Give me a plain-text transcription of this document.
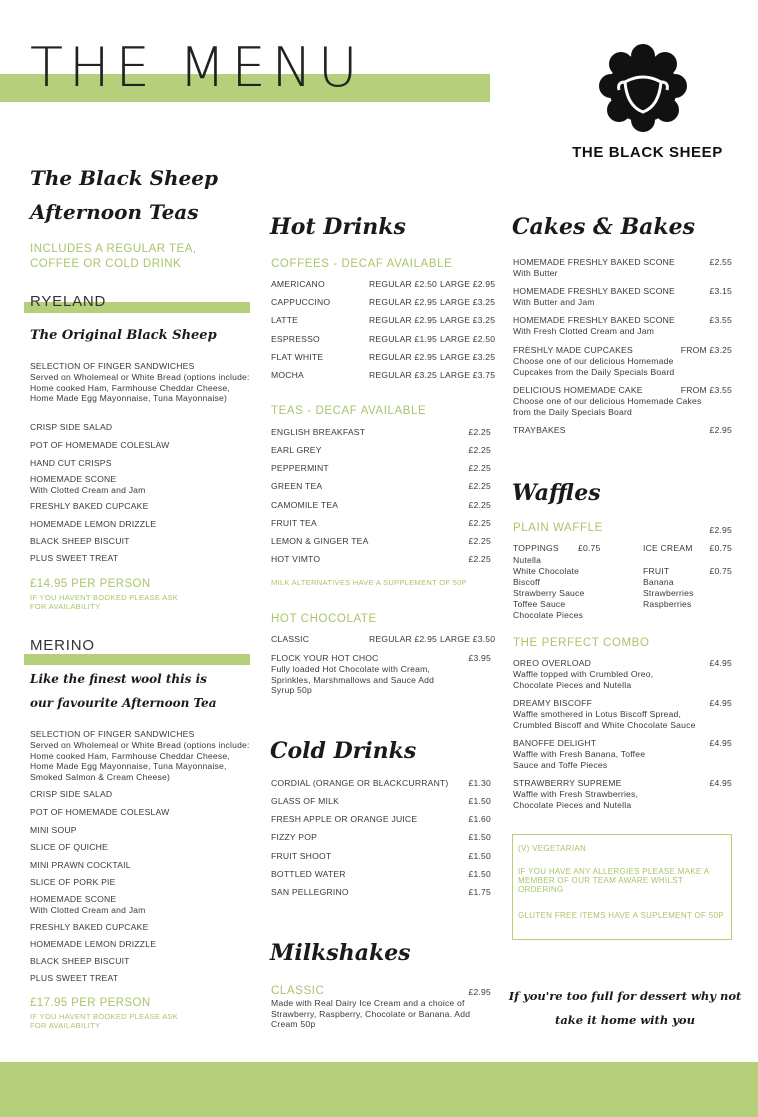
THE MENU
THE BLACK SHEEP
The Black Sheep
Afternoon Teas
INCLUDES A REGULAR TEA, COFFEE OR COLD DRINK
RYELAND
The Original Black Sheep
SELECTION OF FINGER SANDWICHES
Served on Wholemeal or White Bread (options include: Home cooked Ham, Farmhouse Cheddar Cheese, Home Made Egg Mayonnaise, Tuna Mayonnaise)
CRISP SIDE SALAD
POT OF HOMEMADE COLESLAW
HAND CUT CRISPS
HOMEMADE SCONE
With Clotted Cream and Jam
FRESHLY BAKED CUPCAKE
HOMEMADE LEMON DRIZZLE
BLACK SHEEP BISCUIT
PLUS SWEET TREAT
£14.95 PER PERSON
IF YOU HAVENT BOOKED PLEASE ASK FOR AVAILABILITY
MERINO
Like the finest wool this is
our favourite Afternoon Tea
SELECTION OF FINGER SANDWICHES
Served on Wholemeal or White Bread (options include: Home cooked Ham, Farmhouse Cheddar Cheese, Home Made Egg Mayonnaise, Tuna Mayonnaise, Smoked Salmon & Cream Cheese)
CRISP SIDE SALAD
POT OF HOMEMADE COLESLAW
MINI SOUP
SLICE OF QUICHE
MINI PRAWN COCKTAIL
SLICE OF PORK PIE
HOMEMADE SCONE
With Clotted Cream and Jam
FRESHLY BAKED CUPCAKE
HOMEMADE LEMON DRIZZLE
BLACK SHEEP BISCUIT
PLUS SWEET TREAT
£17.95 PER PERSON
IF YOU HAVENT BOOKED PLEASE ASK FOR AVAILABILITY
Hot Drinks
COFFEES - DECAF AVAILABLE
AMERICANO	REGULAR £2.50 LARGE £2.95
CAPPUCCINO	REGULAR £2.95 LARGE £3.25
LATTE	REGULAR £2.95 LARGE £3.25
ESPRESSO	REGULAR £1.95 LARGE £2.50
FLAT WHITE	REGULAR £2.95 LARGE £3.25
MOCHA	REGULAR £3.25 LARGE £3.75
TEAS - DECAF AVAILABLE
ENGLISH BREAKFAST	£2.25
EARL GREY	£2.25
PEPPERMINT	£2.25
GREEN TEA	£2.25
CAMOMILE TEA	£2.25
FRUIT TEA	£2.25
LEMON & GINGER TEA	£2.25
HOT VIMTO	£2.25
MILK ALTERNATIVES HAVE A SUPPLEMENT OF 50P
HOT CHOCOLATE
CLASSIC	REGULAR £2.95 LARGE £3.50
FLOCK YOUR HOT CHOC	£3.95
Fully loaded Hot Chocolate with Cream, Sprinkles, Marshmallows and Sauce Add Syrup 50p
Cold Drinks
CORDIAL (ORANGE OR BLACKCURRANT)	£1.30
GLASS OF MILK	£1.50
FRESH APPLE OR ORANGE JUICE	£1.60
FIZZY POP	£1.50
FRUIT SHOOT	£1.50
BOTTLED WATER	£1.50
SAN PELLEGRINO	£1.75
Milkshakes
CLASSIC	£2.95
Made with Real Dairy Ice Cream and a choice of Strawberry, Raspberry, Chocolate or Banana. Add Cream 50p
Cakes & Bakes
HOMEMADE FRESHLY BAKED SCONE	£2.55
With Butter
HOMEMADE FRESHLY BAKED SCONE	£3.15
With Butter and Jam
HOMEMADE FRESHLY BAKED SCONE	£3.55
With Fresh Clotted Cream and Jam
FRESHLY MADE CUPCAKES	FROM £3.25
Choose one of our delicious Homemade Cupcakes from the Daily Specials Board
DELICIOUS HOMEMADE CAKE	FROM £3.55
Choose one of our delicious Homemade Cakes from the Daily Specials Board
TRAYBAKES	£2.95
Waffles
PLAIN WAFFLE	£2.95
TOPPINGS £0.75	ICE CREAM	£0.75
Nutella
White Chocolate
Biscoff
Strawberry Sauce
Toffee Sauce
Chocolate Pieces
FRUIT	£0.75
Banana
Strawberries
Raspberries
THE PERFECT COMBO
OREO OVERLOAD	£4.95
Waffle topped with Crumbled Oreo, Chocolate Pieces and Nutella
DREAMY BISCOFF	£4.95
Waffle smothered in Lotus Biscoff Spread, Crumbled Biscoff and White Chocolate Sauce
BANOFFE DELIGHT	£4.95
Waffle with Fresh Banana, Toffee Sauce and Toffe Pieces
STRAWBERRY SUPREME	£4.95
Waffle with Fresh Strawberries, Chocolate Pieces and Nutella
(V) VEGETARIAN
IF YOU HAVE ANY ALLERGIES PLEASE MAKE A MEMBER OF OUR TEAM AWARE WHILST ORDERING
GLUTEN FREE ITEMS HAVE A SUPLEMENT OF 50P
If you're too full for dessert why not
take it home with you
